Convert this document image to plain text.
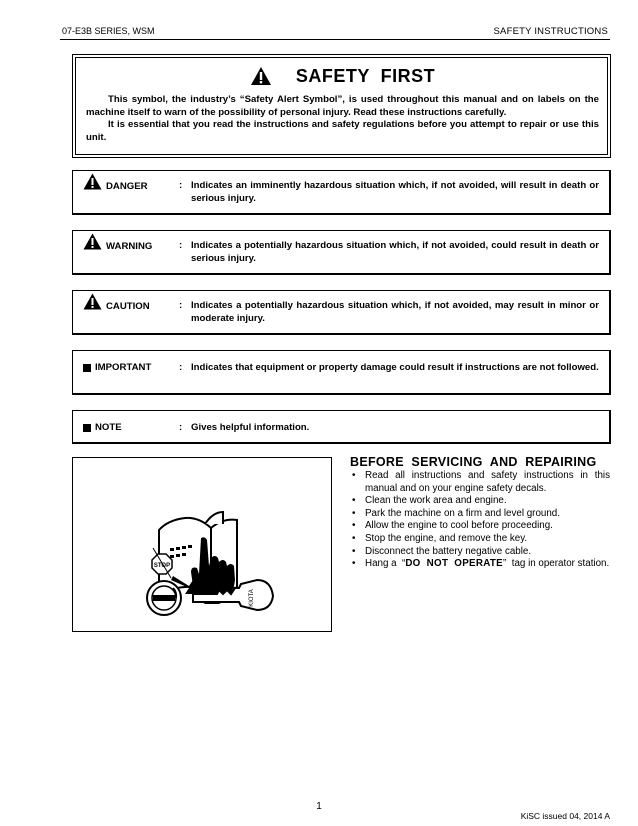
07-E3B SERIES, WSM	SAFETY INSTRUCTIONS
SAFETY  FIRST

This symbol, the industry’s “Safety Alert Symbol”, is used throughout this manual and on labels on the machine itself to warn of the possibility of personal injury. Read these instructions carefully.

It is essential that you read the instructions and safety regulations before you attempt to repair or use this unit.

DANGER	: Indicates an imminently hazardous situation which, if not avoided, will result in death or serious injury.
WARNING	: Indicates a potentially hazardous situation which, if not avoided, could result in death or serious injury.
CAUTION	: Indicates a potentially hazardous situation which, if not avoided, may result in minor or moderate injury.
IMPORTANT	: Indicates that equipment or property damage could result if instructions are not followed.
NOTE	: Gives helpful information.
STOP
KIOTA
BEFORE  SERVICING  AND  REPAIRING
• Read all instructions and safety instructions in this manual and on your engine safety decals.
• Clean the work area and engine.
• Park the machine on a firm and level ground.
• Allow the engine to cool before proceeding.
• Stop the engine, and remove the key.
• Disconnect the battery negative cable.
• Hang a  “DO  NOT  OPERATE”  tag in operator station.
1
KiSC issued 04, 2014 A
